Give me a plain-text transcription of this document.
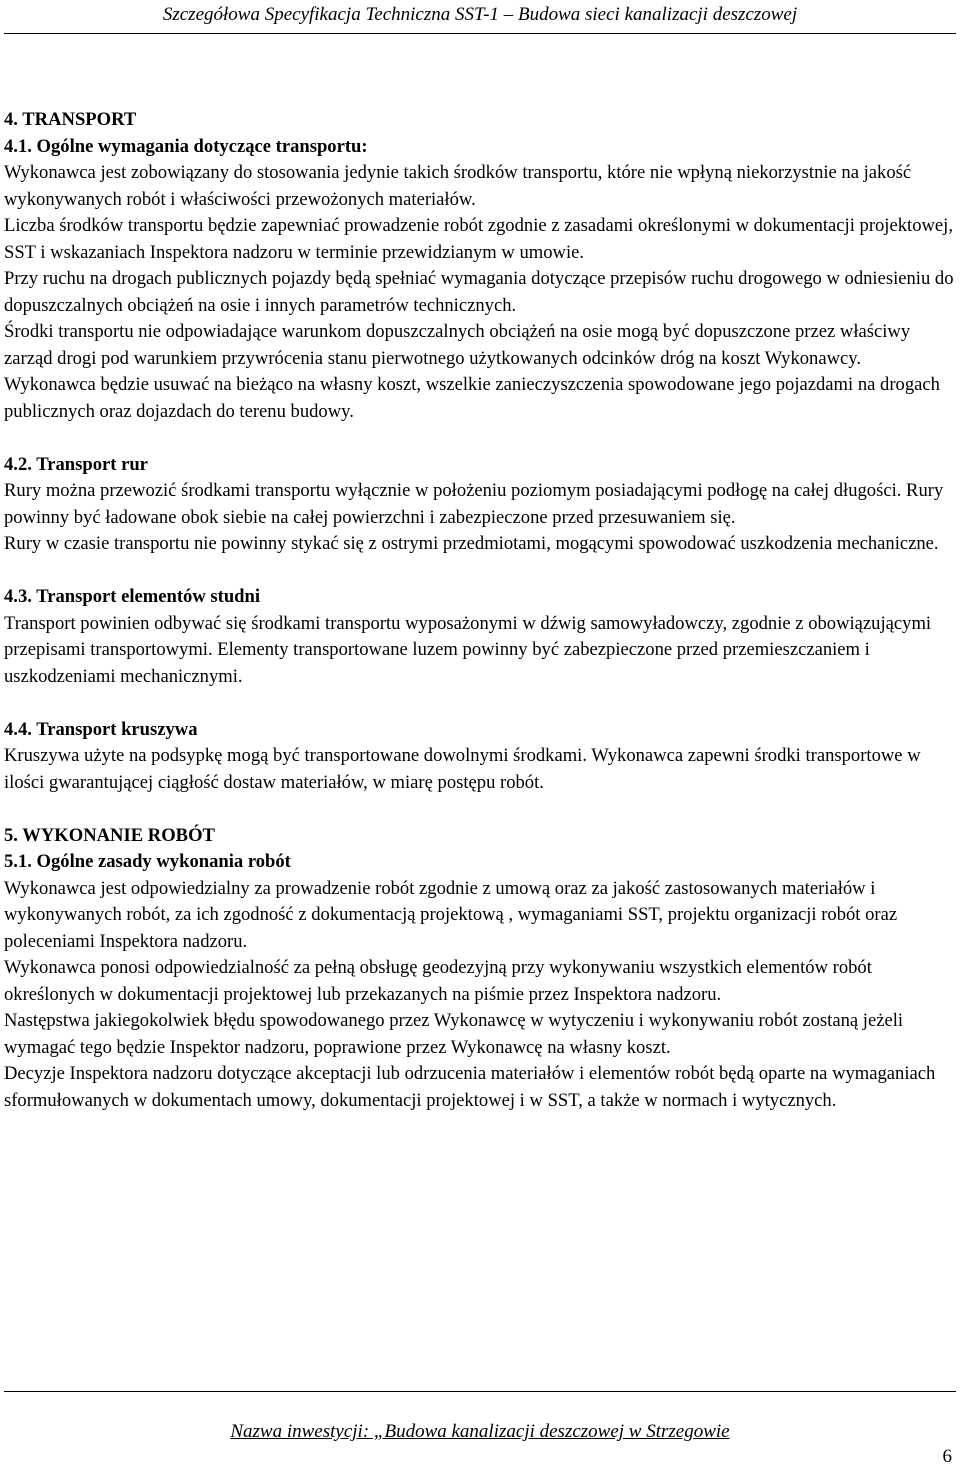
Szczegółowa Specyfikacja Techniczna SST-1 – Budowa sieci kanalizacji deszczowej

4. TRANSPORT

4.1. Ogólne wymagania dotyczące transportu:

Wykonawca jest zobowiązany do stosowania jedynie takich środków transportu, które nie wpłyną niekorzystnie na jakość wykonywanych robót i właściwości przewożonych materiałów.

Liczba środków transportu będzie zapewniać prowadzenie robót zgodnie z zasadami określonymi w dokumentacji projektowej, SST i wskazaniach Inspektora nadzoru w terminie przewidzianym w umowie.

Przy ruchu na drogach publicznych pojazdy będą spełniać wymagania dotyczące przepisów ruchu drogowego w odniesieniu do dopuszczalnych obciążeń na osie i innych parametrów technicznych.

Środki transportu nie odpowiadające warunkom dopuszczalnych obciążeń na osie mogą być dopuszczone przez właściwy zarząd drogi pod warunkiem przywrócenia stanu pierwotnego użytkowanych odcinków dróg na koszt Wykonawcy.

Wykonawca będzie usuwać na bieżąco na własny koszt, wszelkie zanieczyszczenia spowodowane jego pojazdami na drogach publicznych oraz dojazdach do terenu budowy.

4.2. Transport rur

Rury można przewozić środkami transportu wyłącznie w położeniu poziomym posiadającymi podłogę na całej długości. Rury powinny być ładowane obok siebie na całej powierzchni i zabezpieczone przed przesuwaniem się.

Rury w czasie transportu nie powinny stykać się z ostrymi przedmiotami, mogącymi spowodować uszkodzenia mechaniczne.

4.3. Transport elementów studni

Transport powinien odbywać się środkami transportu wyposażonymi w dźwig samowyładowczy, zgodnie z obowiązującymi przepisami transportowymi. Elementy transportowane luzem powinny być zabezpieczone przed przemieszczaniem i uszkodzeniami mechanicznymi.

4.4. Transport kruszywa

Kruszywa użyte na podsypkę mogą być transportowane dowolnymi środkami. Wykonawca zapewni środki transportowe w ilości gwarantującej ciągłość dostaw materiałów, w miarę postępu robót.

5. WYKONANIE ROBÓT

5.1. Ogólne zasady wykonania robót

Wykonawca jest odpowiedzialny za prowadzenie robót zgodnie z umową oraz za jakość zastosowanych materiałów i wykonywanych robót, za ich zgodność z dokumentacją projektową , wymaganiami SST, projektu organizacji robót oraz poleceniami Inspektora nadzoru.

Wykonawca ponosi odpowiedzialność za pełną obsługę geodezyjną przy wykonywaniu wszystkich elementów robót określonych w dokumentacji projektowej lub przekazanych na piśmie przez Inspektora nadzoru.

Następstwa jakiegokolwiek błędu spowodowanego przez Wykonawcę w wytyczeniu i wykonywaniu robót zostaną jeżeli wymagać tego będzie Inspektor nadzoru, poprawione przez Wykonawcę na własny koszt.

Decyzje Inspektora nadzoru dotyczące akceptacji lub odrzucenia materiałów i elementów robót będą oparte na wymaganiach sformułowanych w dokumentach umowy, dokumentacji projektowej i w SST, a także w normach i wytycznych.

Nazwa inwestycji: „Budowa kanalizacji deszczowej w Strzegowie
6
